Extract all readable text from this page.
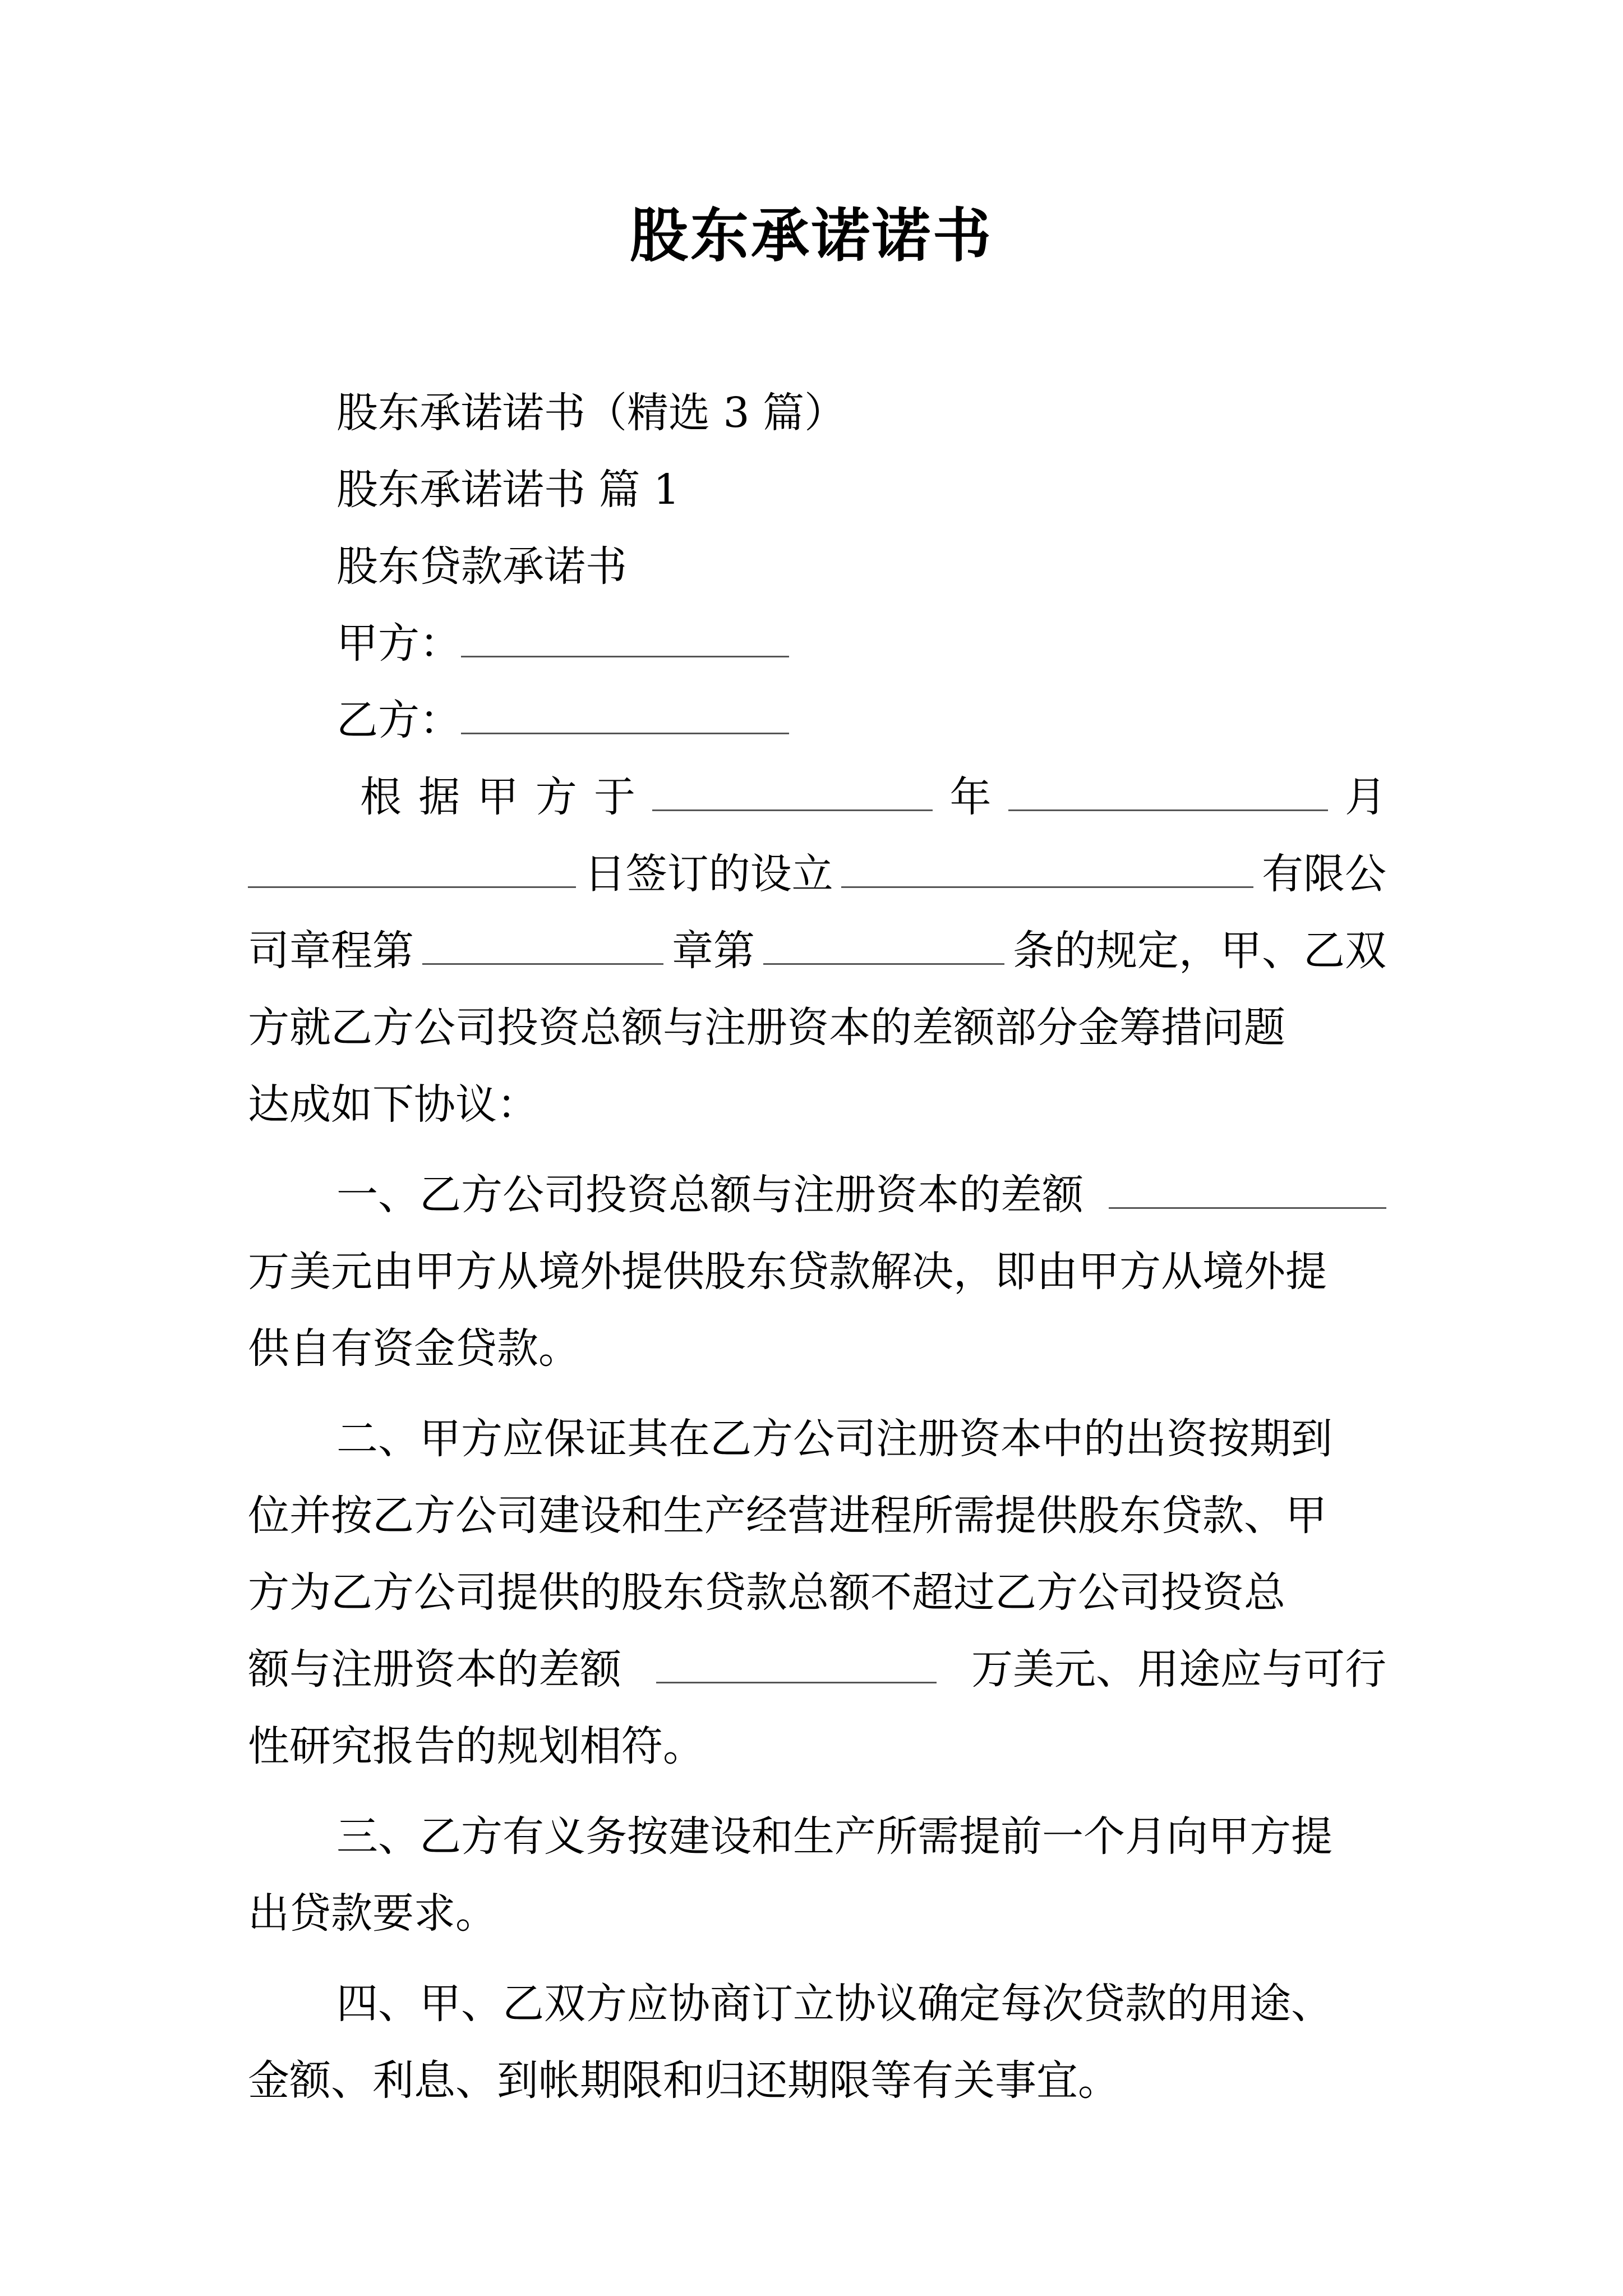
股东承诺诺书
股东承诺诺书（精选 3 篇）
股东承诺诺书 篇 1
股东贷款承诺书
甲方：
乙方：
根 据 甲 方 于	年	月
日签订的设立	有限公
司章程第	章第	条的规定，甲、乙双
方就乙方公司投资总额与注册资本的差额部分金筹措问题
达成如下协议：
一、乙方公司投资总额与注册资本的差额
万美元由甲方从境外提供股东贷款解决，即由甲方从境外提
供自有资金贷款。
二、甲方应保证其在乙方公司注册资本中的出资按期到
位并按乙方公司建设和生产经营进程所需提供股东贷款、甲
方为乙方公司提供的股东贷款总额不超过乙方公司投资总
额与注册资本的差额	万美元、用途应与可行
性研究报告的规划相符。
三、乙方有义务按建设和生产所需提前一个月向甲方提
出贷款要求。
四、甲、乙双方应协商订立协议确定每次贷款的用途、
金额、利息、到帐期限和归还期限等有关事宜。
